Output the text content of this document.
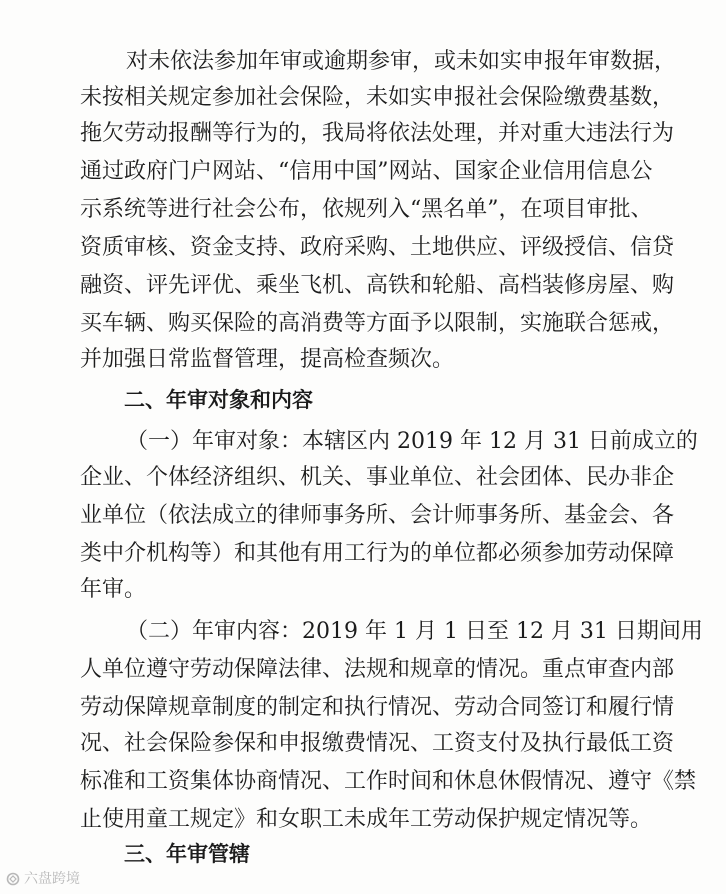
对未依法参加年审或逾期参审，或未如实申报年审数据，
未按相关规定参加社会保险，未如实申报社会保险缴费基数，
拖欠劳动报酬等行为的，我局将依法处理，并对重大违法行为
通过政府门户网站、“信用中国”网站、国家企业信用信息公
示系统等进行社会公布，依规列入“黑名单”，在项目审批、
资质审核、资金支持、政府采购、土地供应、评级授信、信贷
融资、评先评优、乘坐飞机、高铁和轮船、高档装修房屋、购
买车辆、购买保险的高消费等方面予以限制，实施联合惩戒，
并加强日常监督管理，提高检查频次。
二、年审对象和内容
（一）年审对象：本辖区内 2019 年 12 月 31 日前成立的
企业、个体经济组织、机关、事业单位、社会团体、民办非企
业单位（依法成立的律师事务所、会计师事务所、基金会、各
类中介机构等）和其他有用工行为的单位都必须参加劳动保障
年审。
（二）年审内容：2019 年 1 月 1 日至 12 月 31 日期间用
人单位遵守劳动保障法律、法规和规章的情况。重点审查内部
劳动保障规章制度的制定和执行情况、劳动合同签订和履行情
况、社会保险参保和申报缴费情况、工资支付及执行最低工资
标准和工资集体协商情况、工作时间和休息休假情况、遵守《禁
止使用童工规定》和女职工未成年工劳动保护规定情况等。
三、年审管辖
六盘跨境
